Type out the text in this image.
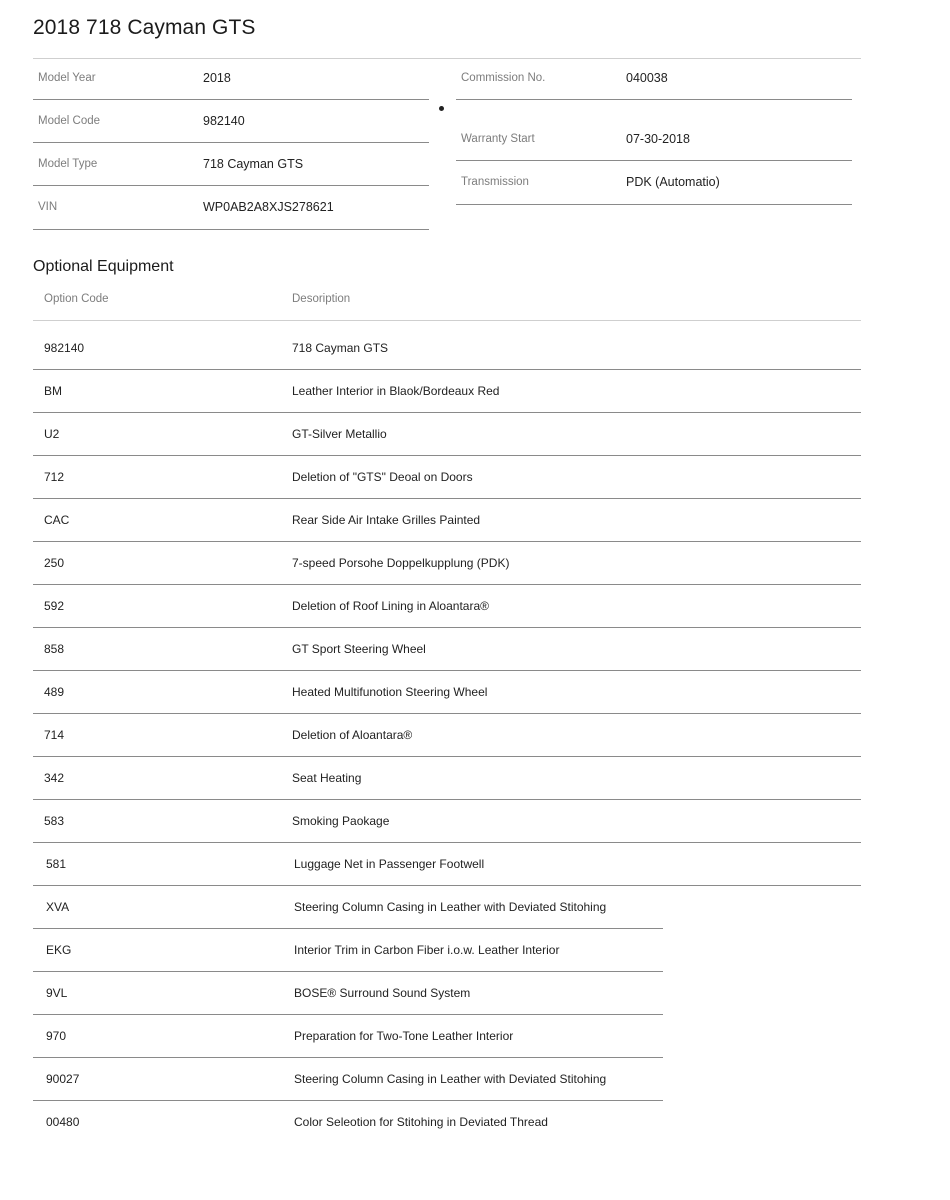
2018 718 Cayman GTS
Model Year	2018
Model Code	982140
Model Type	718 Cayman GTS
VIN	WP0AB2A8XJS278621
Commission No.	040038
Warranty Start	07-30-2018
Transmission	PDK (Automatio)
Optional Equipment
Option Code	Desoription
982140	718 Cayman GTS
BM	Leather Interior in Blaok/Bordeaux Red
U2	GT-Silver Metallio
712	Deletion of "GTS" Deoal on Doors
CAC	Rear Side Air Intake Grilles Painted
250	7-speed Porsohe Doppelkupplung (PDK)
592	Deletion of Roof Lining in Aloantara®
858	GT Sport Steering Wheel
489	Heated Multifunotion Steering Wheel
714	Deletion of Aloantara®
342	Seat Heating
583	Smoking Paokage
581	Luggage Net in Passenger Footwell
XVA	Steering Column Casing in Leather with Deviated Stitohing
EKG	Interior Trim in Carbon Fiber i.o.w. Leather Interior
9VL	BOSE® Surround Sound System
970	Preparation for Two-Tone Leather Interior
90027	Steering Column Casing in Leather with Deviated Stitohing
00480	Color Seleotion for Stitohing in Deviated Thread
